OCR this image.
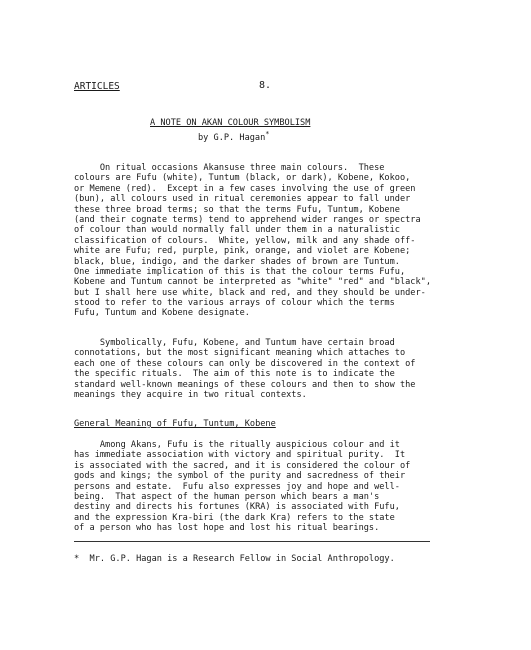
ARTICLES	8.
A NOTE ON AKAN COLOUR SYMBOLISM
by G.P. Hagan*
On ritual occasions Akansuse three main colours.  These
colours are Fufu (white), Tuntum (black, or dark), Kobene, Kokoo,
or Memene (red).  Except in a few cases involving the use of green
(bun), all colours used in ritual ceremonies appear to fall under
these three broad terms; so that the terms Fufu, Tuntum, Kobene
(and their cognate terms) tend to apprehend wider ranges or spectra
of colour than would normally fall under them in a naturalistic
classification of colours.  White, yellow, milk and any shade off-
white are Fufu; red, purple, pink, orange, and violet are Kobene;
black, blue, indigo, and the darker shades of brown are Tuntum.
One immediate implication of this is that the colour terms Fufu,
Kobene and Tuntum cannot be interpreted as "white" "red" and "black",
but I shall here use white, black and red, and they should be under-
stood to refer to the various arrays of colour which the terms
Fufu, Tuntum and Kobene designate.
Symbolically, Fufu, Kobene, and Tuntum have certain broad
connotations, but the most significant meaning which attaches to
each one of these colours can only be discovered in the context of
the specific rituals.  The aim of this note is to indicate the
standard well-known meanings of these colours and then to show the
meanings they acquire in two ritual contexts.
General Meaning of Fufu, Tuntum, Kobene
Among Akans, Fufu is the ritually auspicious colour and it
has immediate association with victory and spiritual purity.  It
is associated with the sacred, and it is considered the colour of
gods and kings; the symbol of the purity and sacredness of their
persons and estate.  Fufu also expresses joy and hope and well-
being.  That aspect of the human person which bears a man's
destiny and directs his fortunes (KRA) is associated with Fufu,
and the expression Kra-biri (the dark Kra) refers to the state
of a person who has lost hope and lost his ritual bearings.
*  Mr. G.P. Hagan is a Research Fellow in Social Anthropology.
